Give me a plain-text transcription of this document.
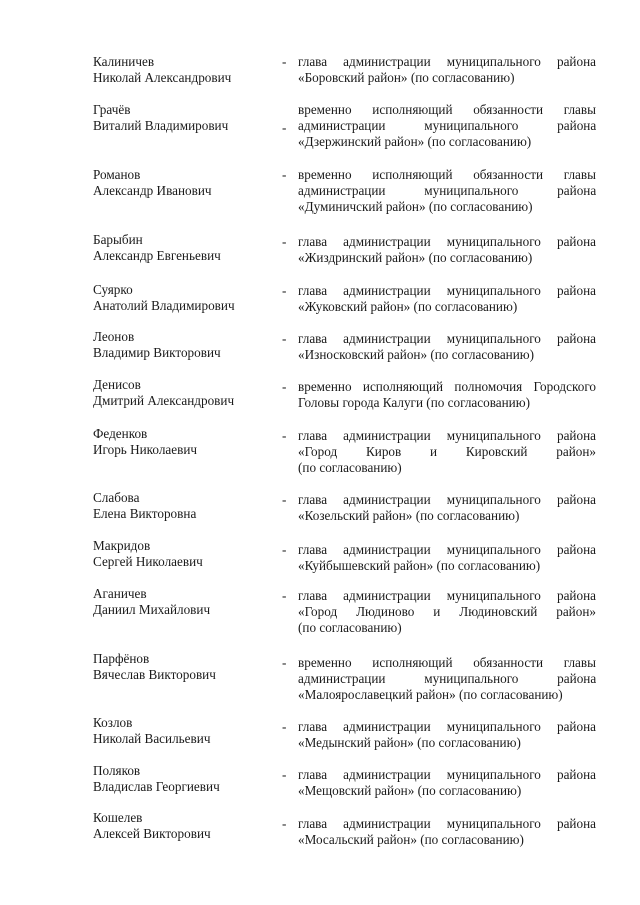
Калиничев
Николай Александрович
- глава администрации муниципального района
«Боровский район» (по согласованию)
Грачёв
Виталий Владимирович	-
временно исполняющий обязанности главы
администрации муниципального района
«Дзержинский район» (по согласованию)
Романов
Александр Иванович
- временно исполняющий обязанности главы
администрации муниципального района
«Думиничский район» (по согласованию)
Барыбин
Александр Евгеньевич
- глава администрации муниципального района
«Жиздринский район» (по согласованию)
Суярко
Анатолий Владимирович
- глава администрации муниципального района
«Жуковский район» (по согласованию)
Леонов
Владимир Викторович
- глава администрации муниципального района
«Износковский район» (по согласованию)
Денисов
Дмитрий Александрович
- временно исполняющий полномочия Городского
Головы города Калуги (по согласованию)
Феденков
Игорь Николаевич
- глава администрации муниципального района
«Город Киров и Кировский район»
(по согласованию)
Слабова
Елена Викторовна
- глава администрации муниципального района
«Козельский район» (по согласованию)
Макридов
Сергей Николаевич
- глава администрации муниципального района
«Куйбышевский район» (по согласованию)
Аганичев
Даниил Михайлович
- глава администрации муниципального района
«Город Людиново и Людиновский район»
(по согласованию)
Парфёнов
Вячеслав Викторович
- временно исполняющий обязанности главы
администрации муниципального района
«Малоярославецкий район» (по согласованию)
Козлов
Николай Васильевич
- глава администрации муниципального района
«Медынский район» (по согласованию)
Поляков
Владислав Георгиевич
- глава администрации муниципального района
«Мещовский район» (по согласованию)
Кошелев
Алексей Викторович
- глава администрации муниципального района
«Мосальский район» (по согласованию)
